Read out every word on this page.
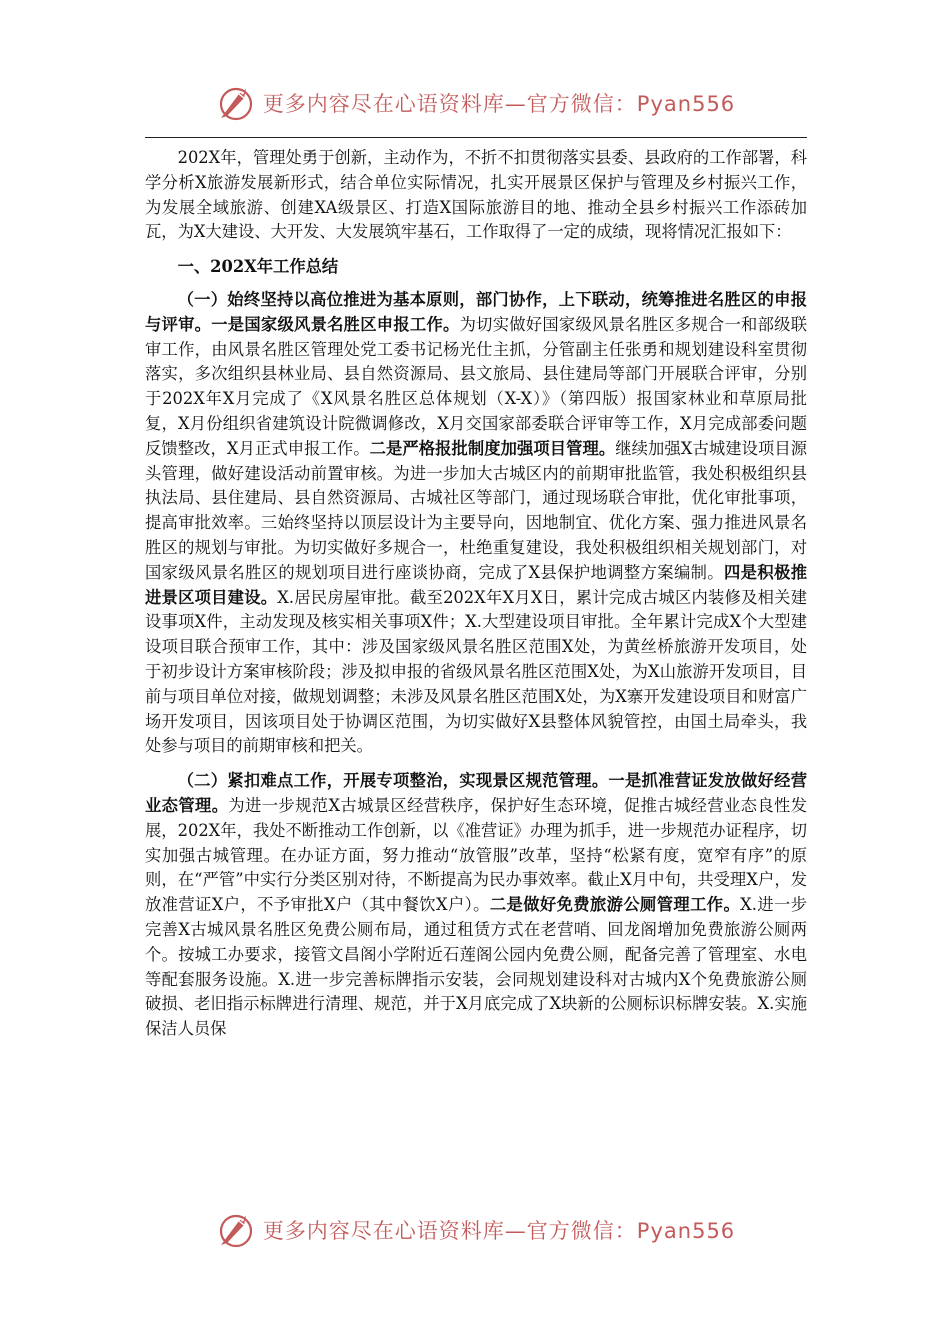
更多内容尽在心语资料库—官方微信：Pyan556

202X年，管理处勇于创新，主动作为，不折不扣贯彻落实县委、县政府的工作部署，科学分析X旅游发展新形式，结合单位实际情况，扎实开展景区保护与管理及乡村振兴工作，为发展全域旅游、创建XA级景区、打造X国际旅游目的地、推动全县乡村振兴工作添砖加瓦，为X大建设、大开发、大发展筑牢基石，工作取得了一定的成绩，现将情况汇报如下：

一、202X年工作总结

（一）始终坚持以高位推进为基本原则，部门协作，上下联动，统筹推进名胜区的申报与评审。一是国家级风景名胜区申报工作。为切实做好国家级风景名胜区多规合一和部级联审工作，由风景名胜区管理处党工委书记杨光仕主抓，分管副主任张勇和规划建设科室贯彻落实，多次组织县林业局、县自然资源局、县文旅局、县住建局等部门开展联合评审，分别于202X年X月完成了《X风景名胜区总体规划（X-X）》（第四版）报国家林业和草原局批复，X月份组织省建筑设计院微调修改，X月交国家部委联合评审等工作，X月完成部委问题反馈整改，X月正式申报工作。二是严格报批制度加强项目管理。继续加强X古城建设项目源头管理，做好建设活动前置审核。为进一步加大古城区内的前期审批监管，我处积极组织县执法局、县住建局、县自然资源局、古城社区等部门，通过现场联合审批，优化审批事项，提高审批效率。三始终坚持以顶层设计为主要导向，因地制宜、优化方案、强力推进风景名胜区的规划与审批。为切实做好多规合一，杜绝重复建设，我处积极组织相关规划部门，对国家级风景名胜区的规划项目进行座谈协商，完成了X县保护地调整方案编制。四是积极推进景区项目建设。X.居民房屋审批。截至202X年X月X日，累计完成古城区内装修及相关建设事项X件，主动发现及核实相关事项X件；X.大型建设项目审批。全年累计完成X个大型建设项目联合预审工作，其中：涉及国家级风景名胜区范围X处，为黄丝桥旅游开发项目，处于初步设计方案审核阶段；涉及拟申报的省级风景名胜区范围X处，为X山旅游开发项目，目前与项目单位对接，做规划调整；未涉及风景名胜区范围X处，为X寨开发建设项目和财富广场开发项目，因该项目处于协调区范围，为切实做好X县整体风貌管控，由国土局牵头，我处参与项目的前期审核和把关。

（二）紧扣难点工作，开展专项整治，实现景区规范管理。一是抓准营证发放做好经营业态管理。为进一步规范X古城景区经营秩序，保护好生态环境，促推古城经营业态良性发展，202X年，我处不断推动工作创新，以《准营证》办理为抓手，进一步规范办证程序，切实加强古城管理。在办证方面，努力推动“放管服”改革，坚持“松紧有度，宽窄有序”的原则，在“严管”中实行分类区别对待，不断提高为民办事效率。截止X月中旬，共受理X户，发放准营证X户，不予审批X户（其中餐饮X户）。二是做好免费旅游公厕管理工作。X.进一步完善X古城风景名胜区免费公厕布局，通过租赁方式在老营哨、回龙阁增加免费旅游公厕两个。按城工办要求，接管文昌阁小学附近石莲阁公园内免费公厕，配备完善了管理室、水电等配套服务设施。X.进一步完善标牌指示安装，会同规划建设科对古城内X个免费旅游公厕破损、老旧指示标牌进行清理、规范，并于X月底完成了X块新的公厕标识标牌安装。X.实施保洁人员保

更多内容尽在心语资料库—官方微信：Pyan556
